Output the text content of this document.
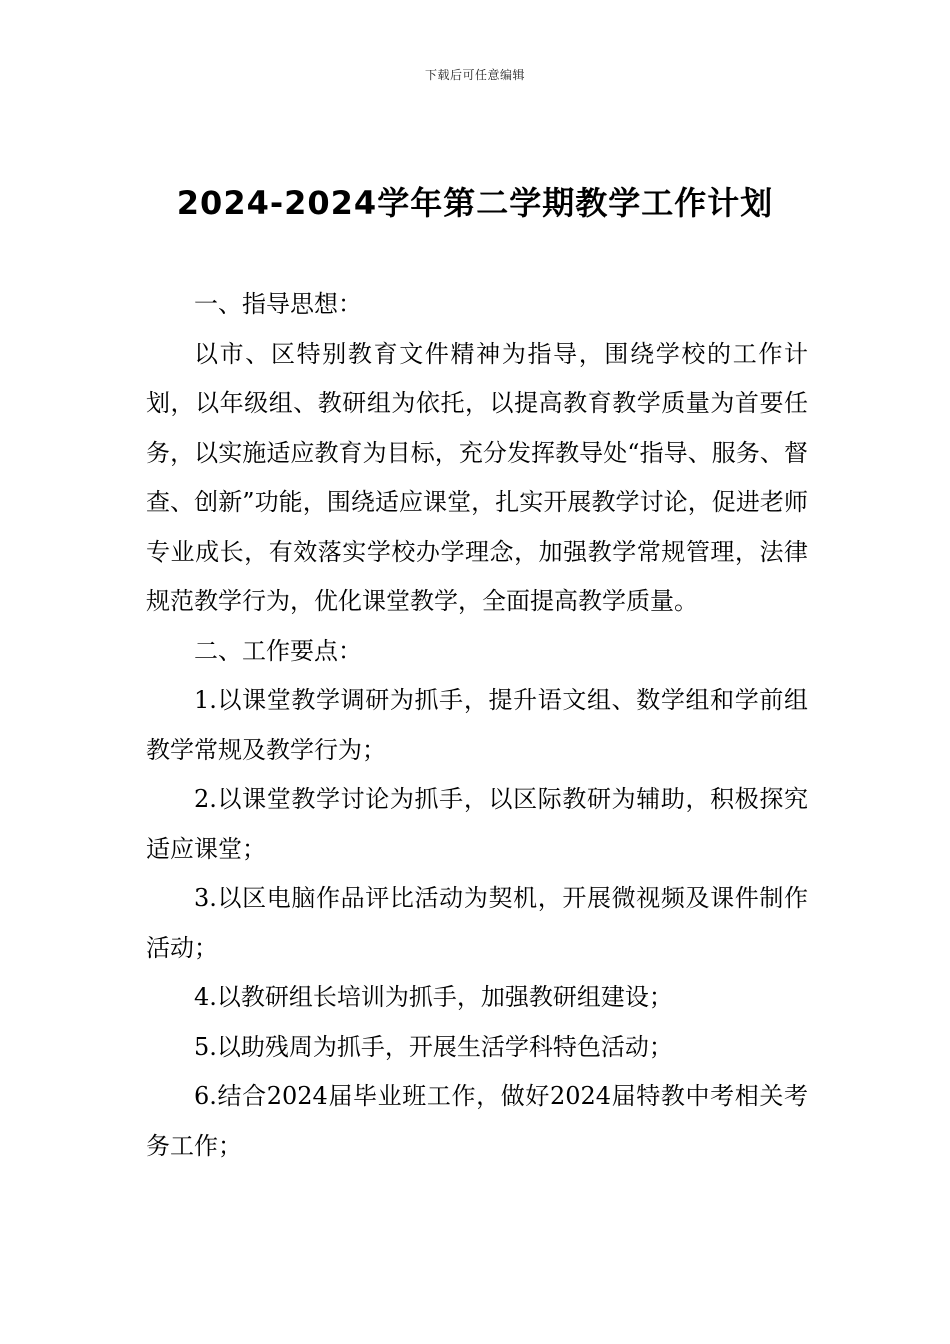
下载后可任意编辑
2024-2024学年第二学期教学工作计划

一、指导思想：

以市、区特别教育文件精神为指导，围绕学校的工作计划，以年级组、教研组为依托，以提高教育教学质量为首要任务，以实施适应教育为目标，充分发挥教导处“指导、服务、督查、创新”功能，围绕适应课堂，扎实开展教学讨论，促进老师专业成长，有效落实学校办学理念，加强教学常规管理，法律规范教学行为，优化课堂教学，全面提高教学质量。

二、工作要点：

1.以课堂教学调研为抓手，提升语文组、数学组和学前组教学常规及教学行为；

2.以课堂教学讨论为抓手，以区际教研为辅助，积极探究适应课堂；

3.以区电脑作品评比活动为契机，开展微视频及课件制作活动；

4.以教研组长培训为抓手，加强教研组建设；

5.以助残周为抓手，开展生活学科特色活动；

6.结合2024届毕业班工作，做好2024届特教中考相关考务工作；
